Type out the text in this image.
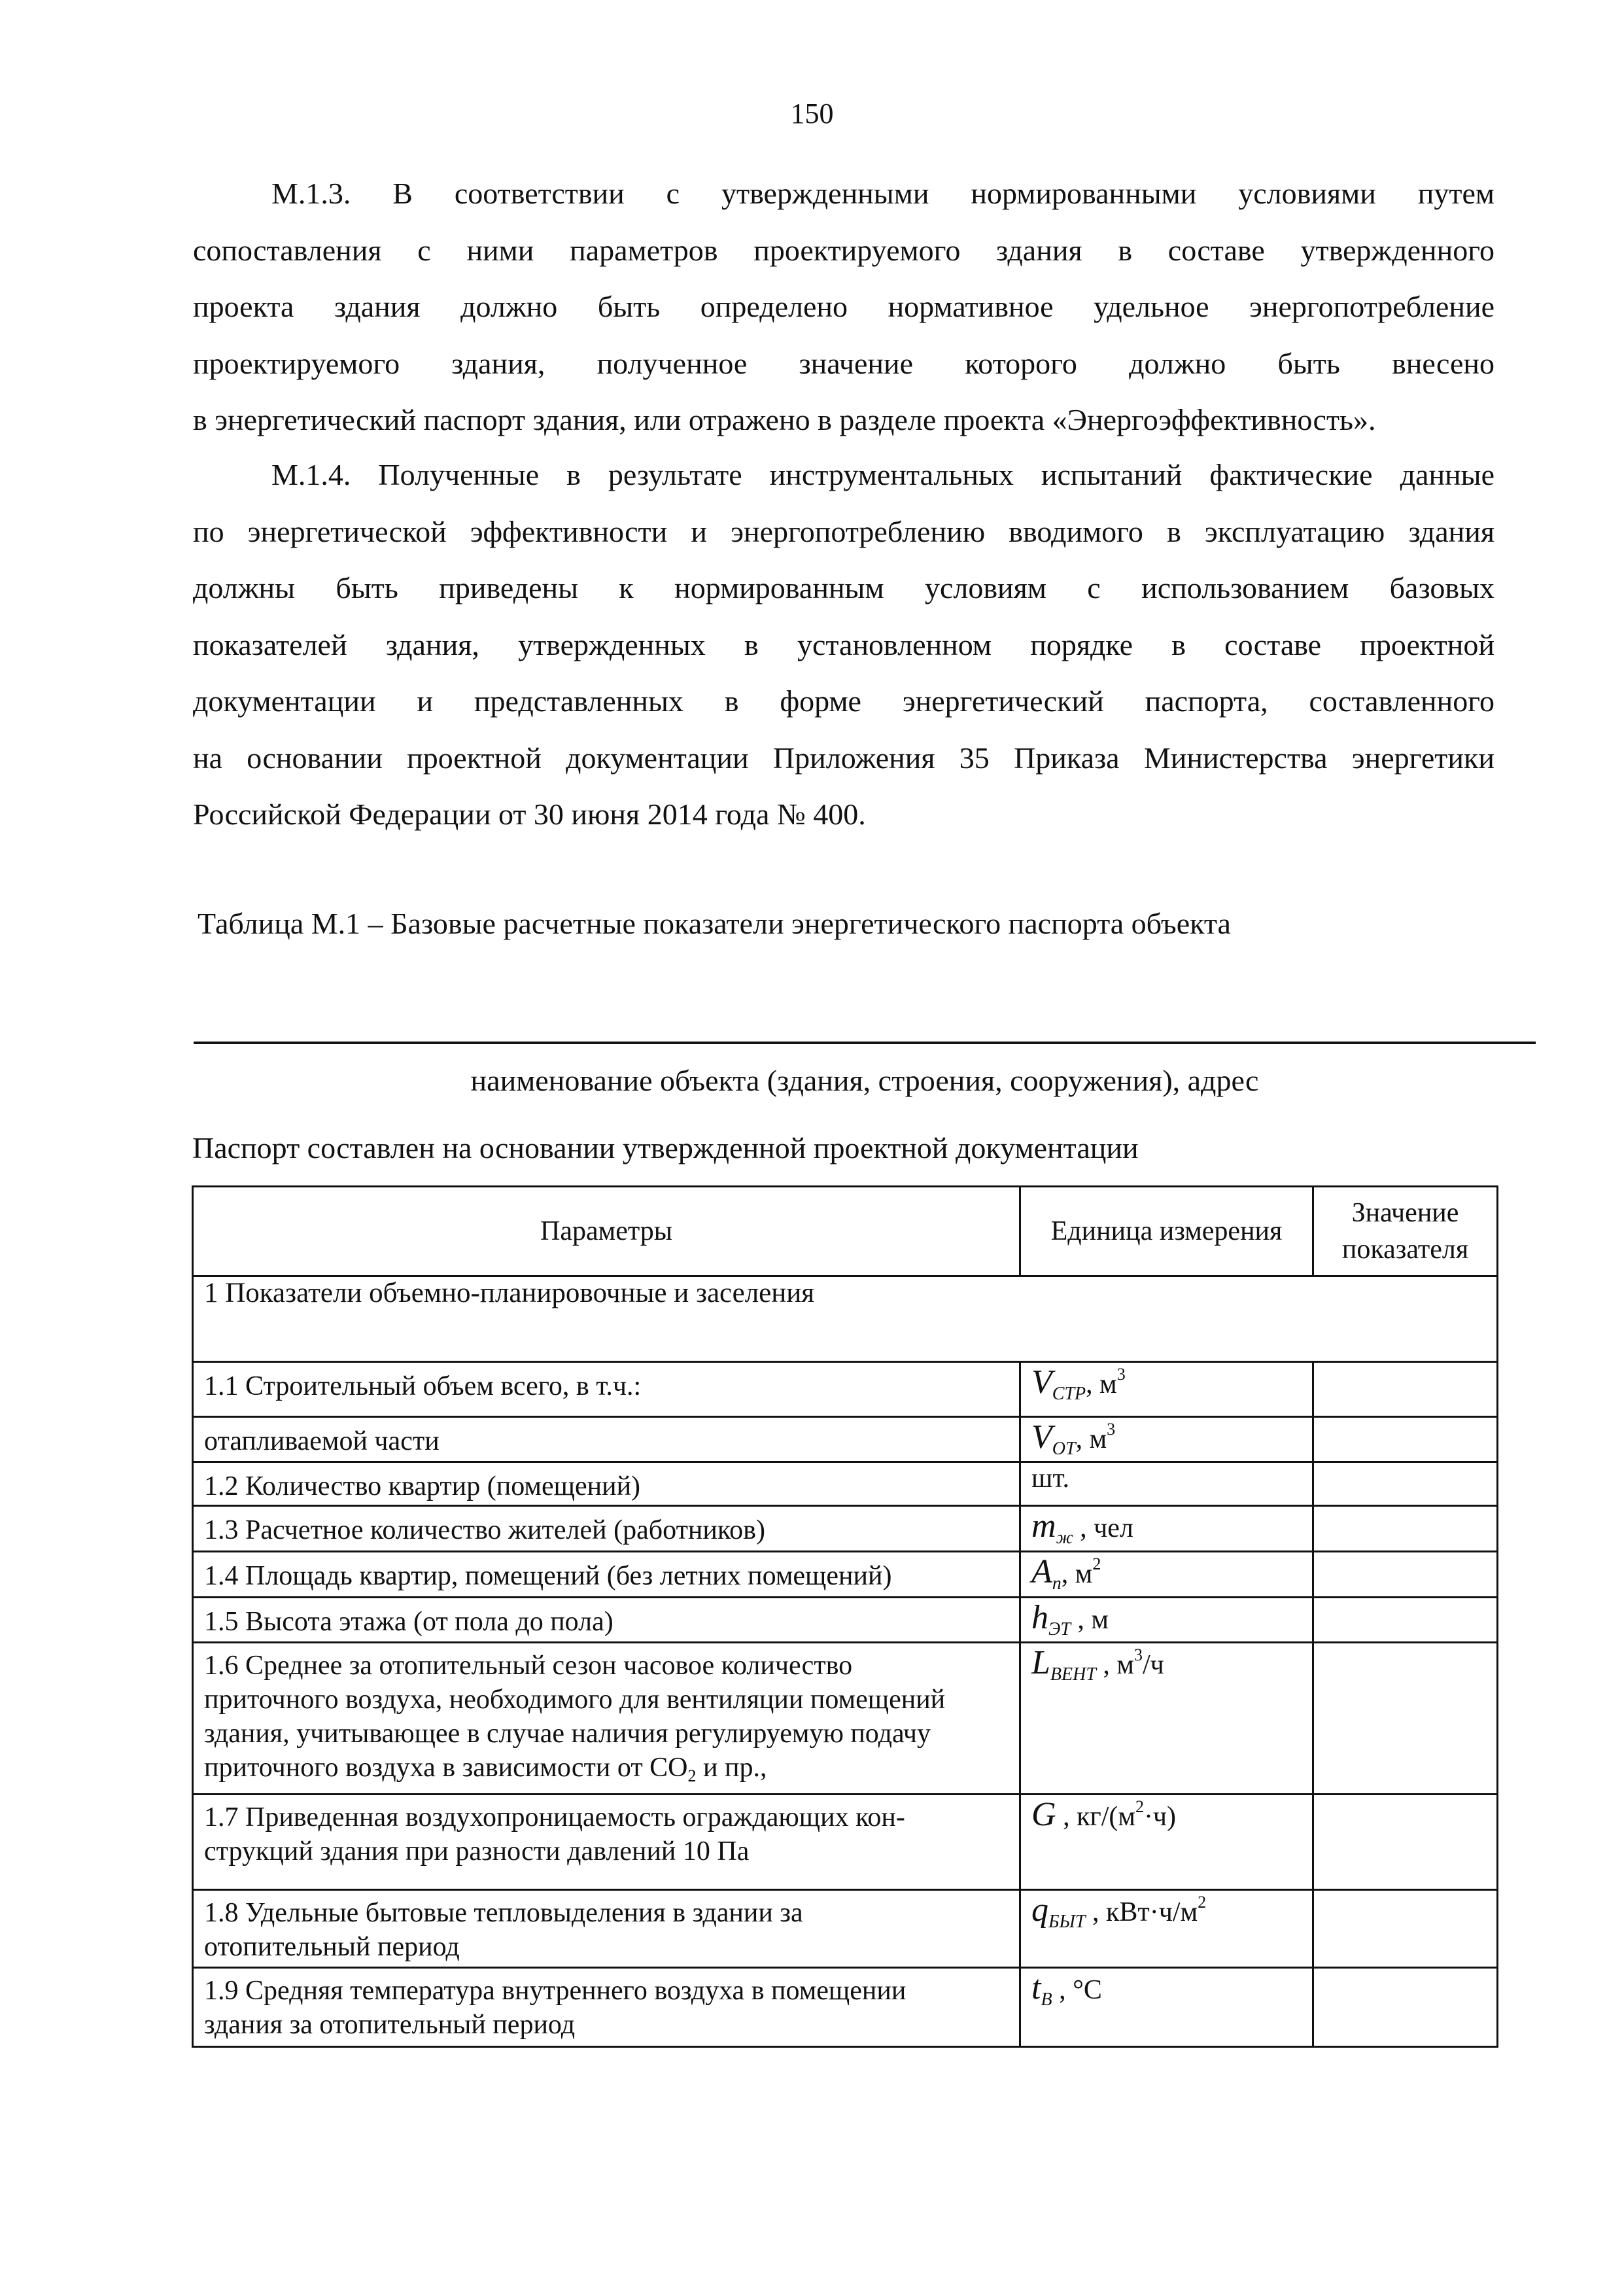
150
М.1.3. В соответствии с утвержденными нормированными условиями путем
сопоставления с ними параметров проектируемого здания в составе утвержденного
проекта здания должно быть определено нормативное удельное энергопотребление
проектируемого здания, полученное значение которого должно быть внесено
в энергетический паспорт здания, или отражено в разделе проекта «Энергоэффективность».
М.1.4. Полученные в результате инструментальных испытаний фактические данные
по энергетической эффективности и энергопотреблению вводимого в эксплуатацию здания
должны быть приведены к нормированным условиям с использованием базовых
показателей здания, утвержденных в установленном порядке в составе проектной
документации и представленных в форме энергетический паспорта, составленного
на основании проектной документации Приложения 35 Приказа Министерства энергетики
Российской Федерации от 30 июня 2014 года № 400.
Таблица М.1 – Базовые расчетные показатели энергетического паспорта объекта
наименование объекта (здания, строения, сооружения), адрес
Паспорт составлен на основании утвержденной проектной документации
Параметры	Единица измерения	Значение
показателя
1 Показатели объемно-планировочные и заселения		
1.1 Строительный объем всего, в т.ч.:	$V_{СТР}$, $м^3$	
отапливаемой части	$V_{ОТ}$, $м^3$	
1.2 Количество квартир (помещений)	шт.	
1.3 Расчетное количество жителей (работников)	$m_ж$ , чел	
1.4 Площадь квартир, помещений (без летних помещений)	$A_п$, $м^2$	
1.5 Высота этажа (от пола до пола)	$h_{ЭТ}$ , м	
1.6 Среднее за отопительный сезон часовое количество
приточного воздуха, необходимого для вентиляции помещений
здания, учитывающее в случае наличия регулируемую подачу
приточного воздуха в зависимости от CO2 и пр.,	$L_{ВЕНТ}$ , $м^3/ч$	
1.7 Приведенная воздухопроницаемость ограждающих кон-
струкций здания при разности давлений 10 Па	G , $кг/(м^2\cdot ч)$	
1.8 Удельные бытовые тепловыделения в здании за
отопительный период	$q_{БЫТ}$ , $кВт\cdot ч/м^2$	
1.9 Средняя температура внутреннего воздуха в помещении
здания за отопительный период	$t_В$ , °С	
